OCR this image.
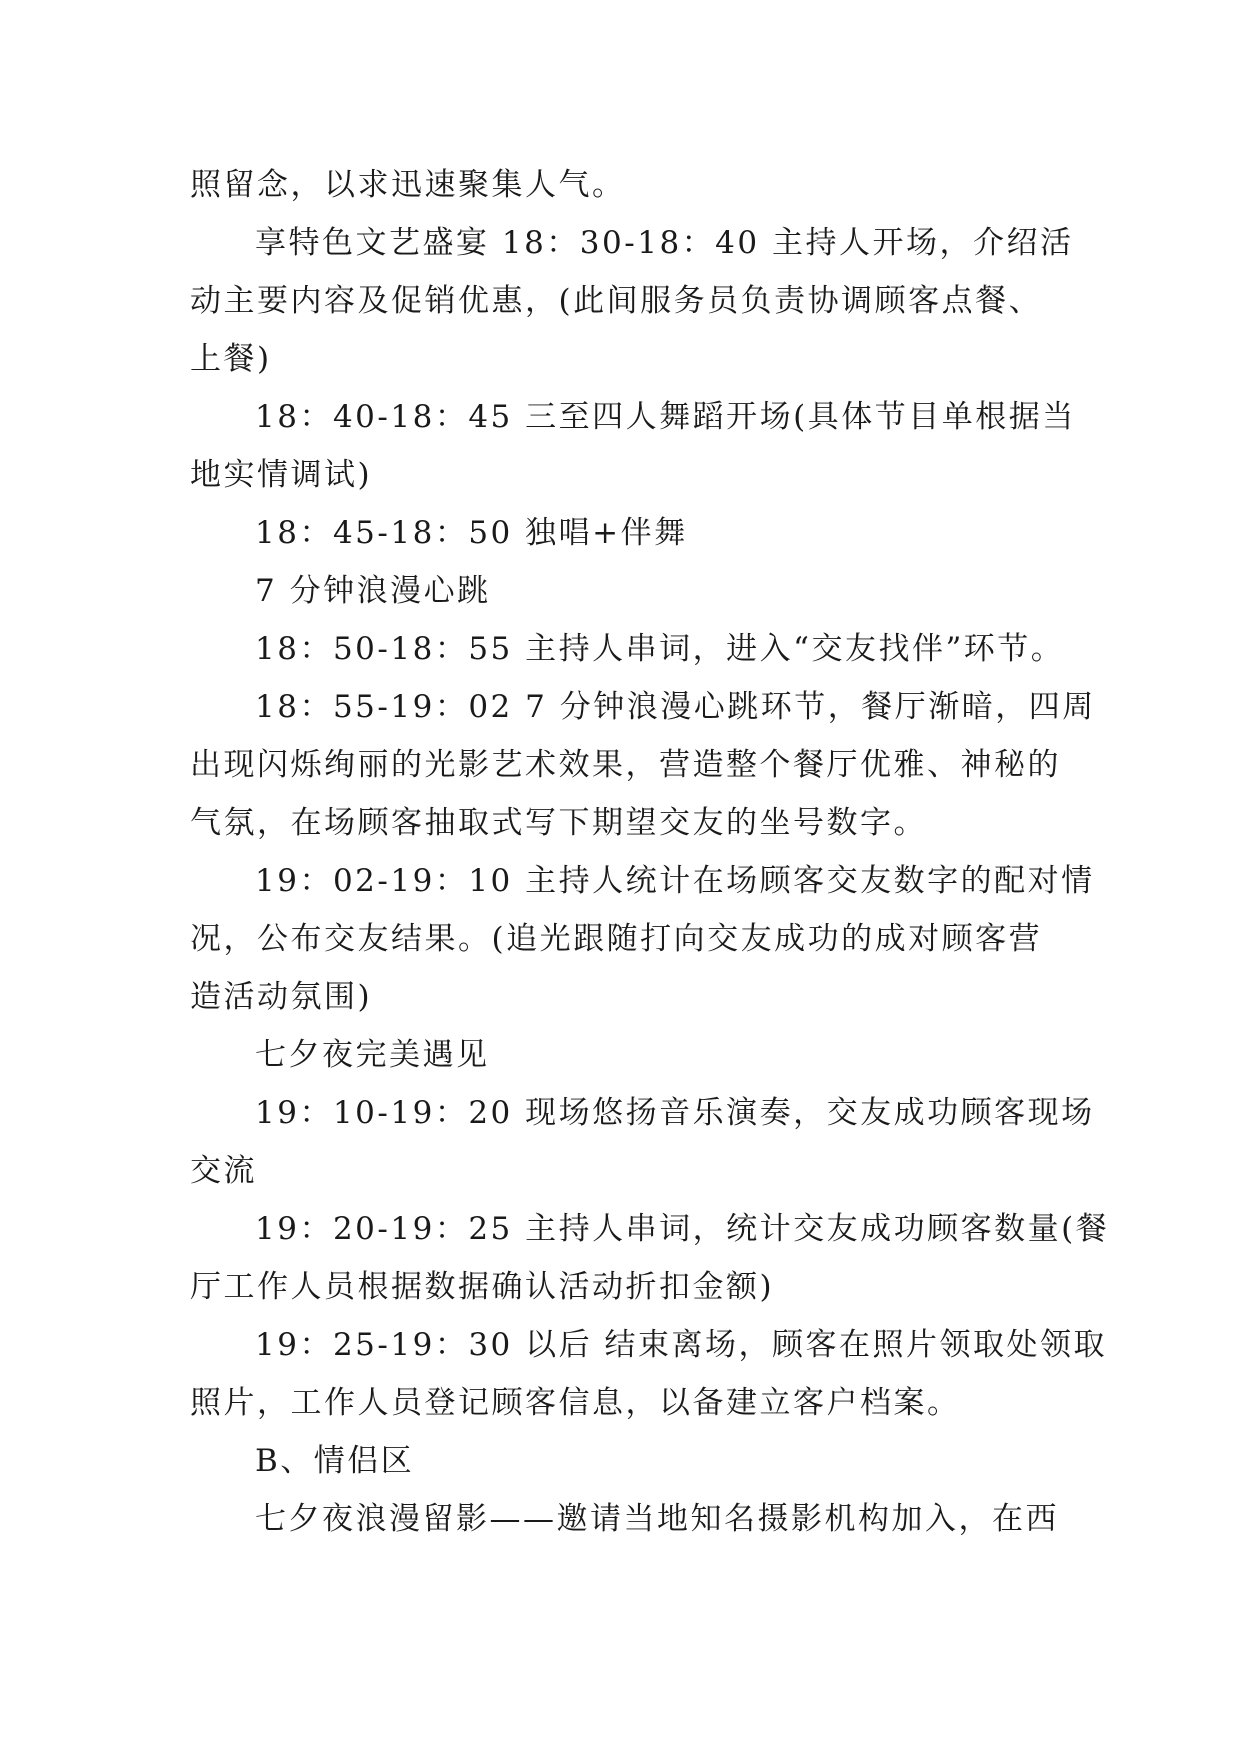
照留念，以求迅速聚集人气。
享特色文艺盛宴 18：30-18：40 主持人开场，介绍活
动主要内容及促销优惠，(此间服务员负责协调顾客点餐、
上餐)
18：40-18：45 三至四人舞蹈开场(具体节目单根据当
地实情调试)
18：45-18：50 独唱+伴舞
7 分钟浪漫心跳
18：50-18：55 主持人串词，进入“交友找伴”环节。
18：55-19：02 7 分钟浪漫心跳环节，餐厅渐暗，四周
出现闪烁绚丽的光影艺术效果，营造整个餐厅优雅、神秘的
气氛，在场顾客抽取式写下期望交友的坐号数字。
19：02-19：10 主持人统计在场顾客交友数字的配对情
况，公布交友结果。(追光跟随打向交友成功的成对顾客营
造活动氛围)
七夕夜完美遇见
19：10-19：20 现场悠扬音乐演奏，交友成功顾客现场
交流
19：20-19：25 主持人串词，统计交友成功顾客数量(餐
厅工作人员根据数据确认活动折扣金额)
19：25-19：30 以后 结束离场，顾客在照片领取处领取
照片，工作人员登记顾客信息，以备建立客户档案。
B、情侣区
七夕夜浪漫留影——邀请当地知名摄影机构加入，在西
